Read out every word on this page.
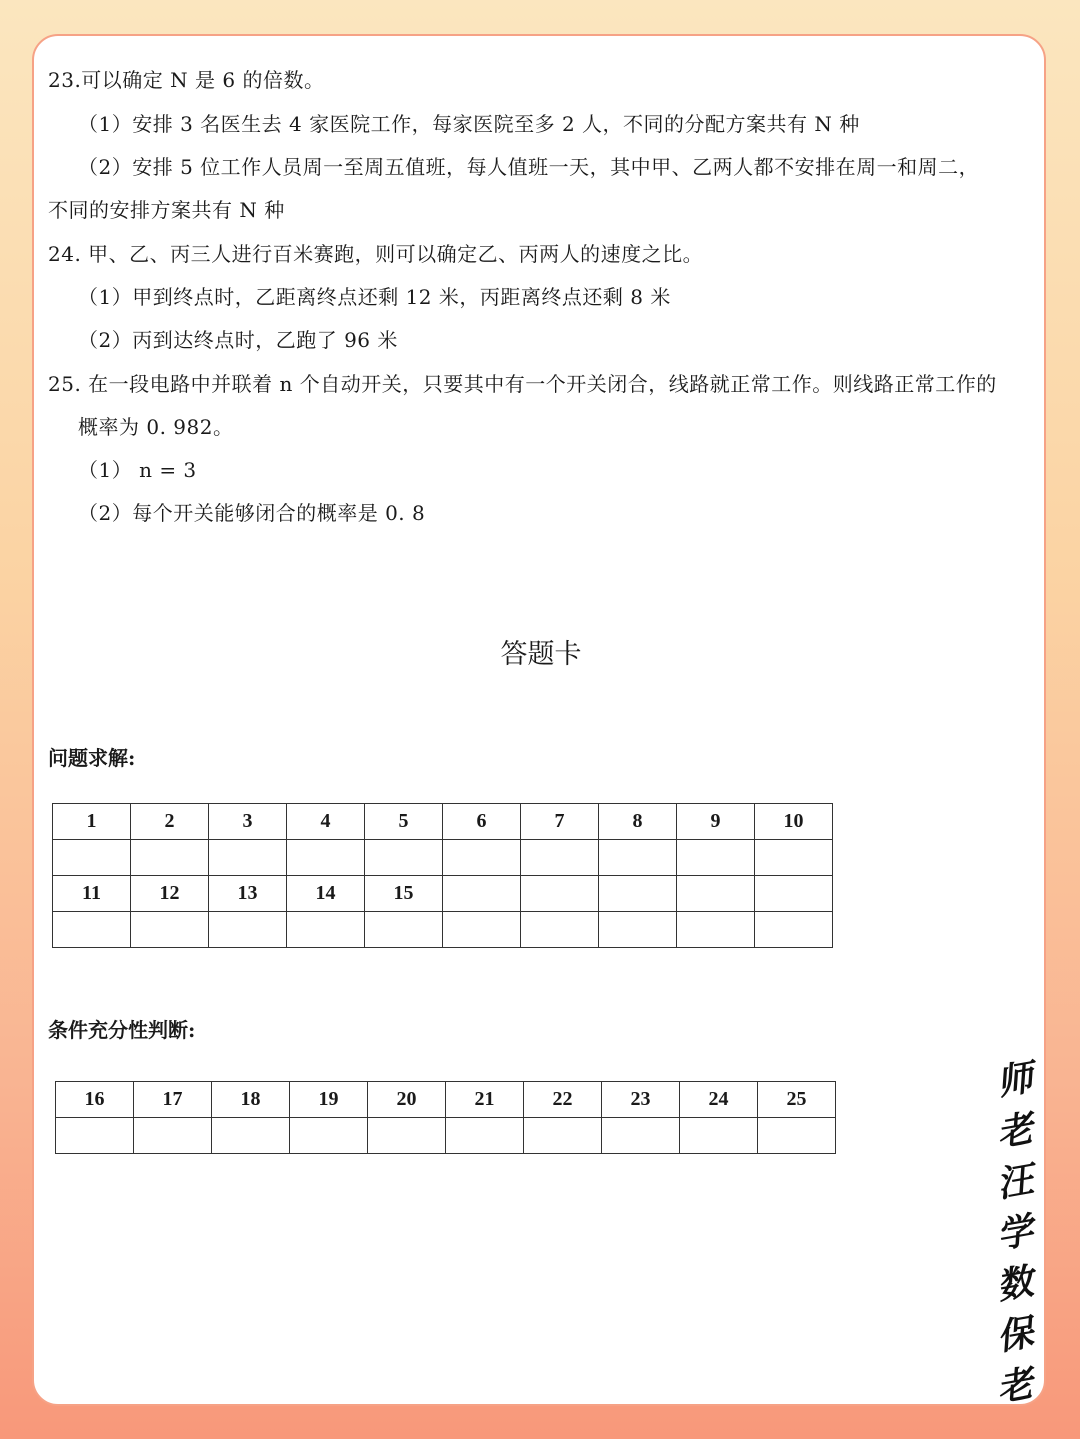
23.可以确定 N 是 6 的倍数。
（1）安排 3 名医生去 4 家医院工作，每家医院至多 2 人，不同的分配方案共有 N 种
（2）安排 5 位工作人员周一至周五值班，每人值班一天，其中甲、乙两人都不安排在周一和周二，
不同的安排方案共有 N 种
24. 甲、乙、丙三人进行百米赛跑，则可以确定乙、丙两人的速度之比。
（1）甲到终点时，乙距离终点还剩 12 米，丙距离终点还剩 8 米
（2）丙到达终点时，乙跑了 96 米
25. 在一段电路中并联着 n 个自动开关，只要其中有一个开关闭合，线路就正常工作。则线路正常工作的
概率为 0. 982。
（1） n = 3
（2）每个开关能够闭合的概率是 0. 8
答题卡
问题求解:
1	2	3	4	5	6	7	8	9	10

11	12	13	14	15					

条件充分性判断:
16	17	18	19	20	21	22	23	24	25
										师
老
汪
学
数
保
老
